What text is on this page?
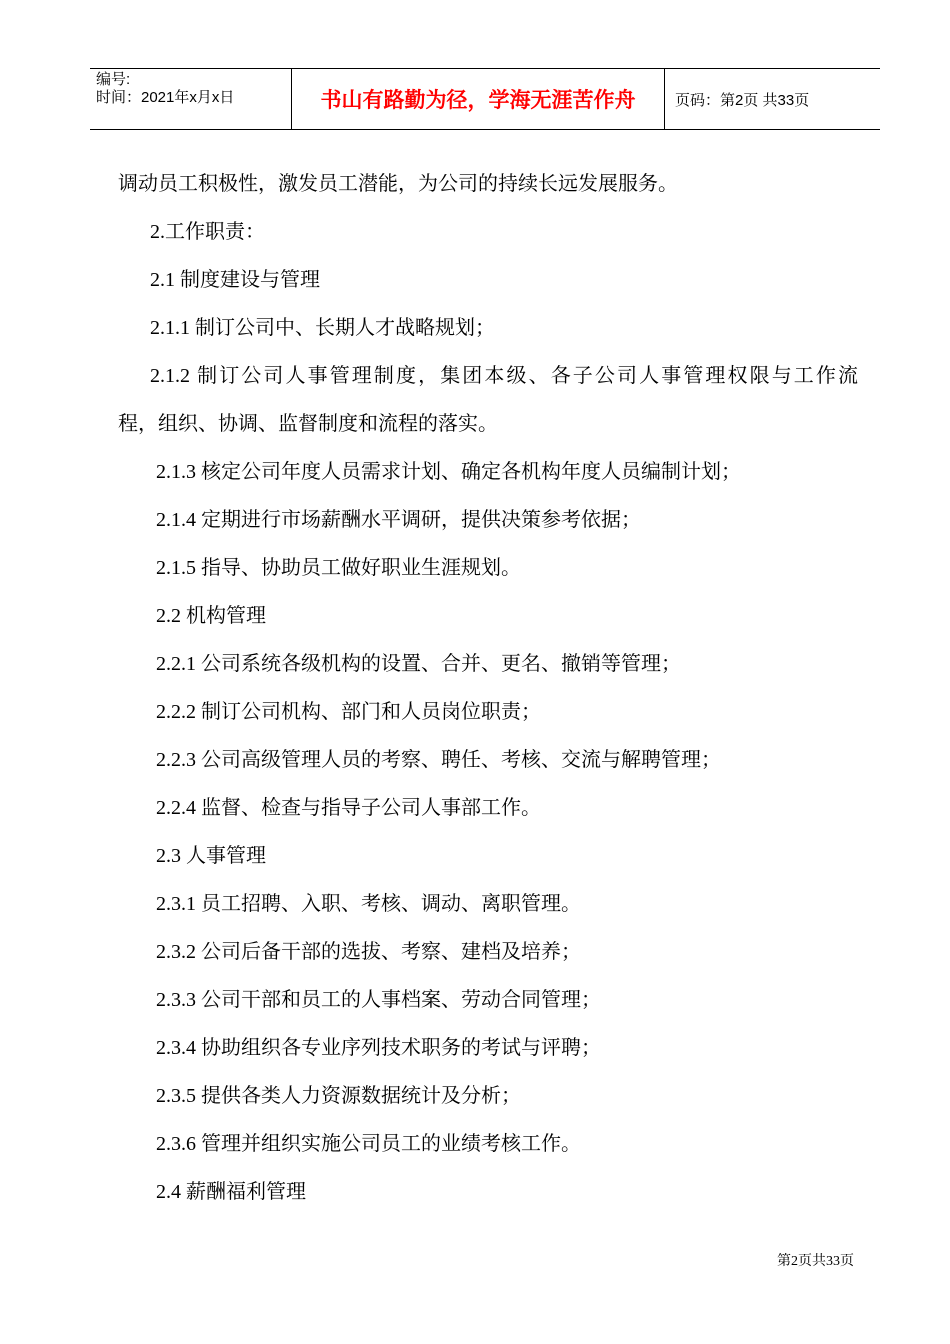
编号:
时间：2021年x月x日	书山有路勤为径，学海无涯苦作舟	页码：第2页 共33页
调动员工积极性，激发员工潜能，为公司的持续长远发展服务。
2.工作职责：
2.1 制度建设与管理
2.1.1 制订公司中、长期人才战略规划；
2.1.2 制订公司人事管理制度，集团本级、各子公司人事管理权限与工作流
程，组织、协调、监督制度和流程的落实。
2.1.3 核定公司年度人员需求计划、确定各机构年度人员编制计划；
2.1.4 定期进行市场薪酬水平调研，提供决策参考依据；
2.1.5 指导、协助员工做好职业生涯规划。
2.2 机构管理
2.2.1 公司系统各级机构的设置、合并、更名、撤销等管理；
2.2.2 制订公司机构、部门和人员岗位职责；
2.2.3 公司高级管理人员的考察、聘任、考核、交流与解聘管理；
2.2.4 监督、检查与指导子公司人事部工作。
2.3 人事管理
2.3.1 员工招聘、入职、考核、调动、离职管理。
2.3.2 公司后备干部的选拔、考察、建档及培养；
2.3.3 公司干部和员工的人事档案、劳动合同管理；
2.3.4 协助组织各专业序列技术职务的考试与评聘；
2.3.5 提供各类人力资源数据统计及分析；
2.3.6 管理并组织实施公司员工的业绩考核工作。
2.4 薪酬福利管理
第2页共33页
